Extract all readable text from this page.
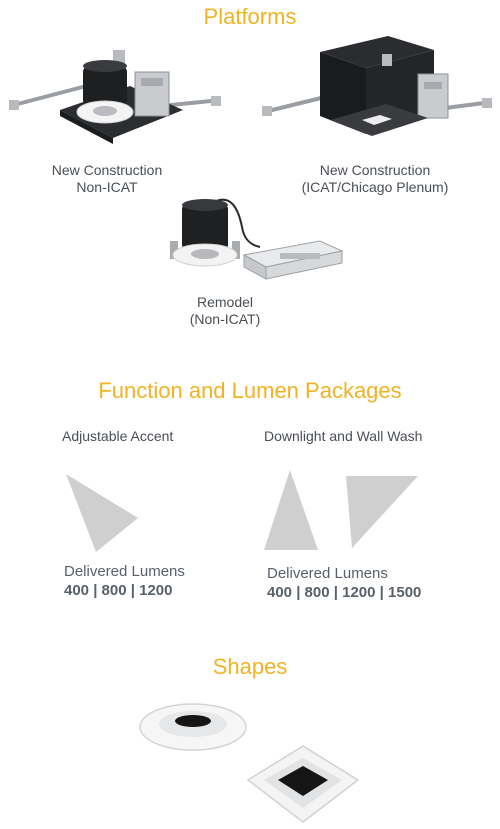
Platforms
New Construction
Non-ICAT
New Construction
(ICAT/Chicago Plenum)
Remodel
(Non-ICAT)
Function and Lumen Packages
Adjustable Accent	Downlight and Wall Wash
Delivered Lumens
400 | 800 | 1200
Delivered Lumens
400 | 800 | 1200 | 1500
Shapes
